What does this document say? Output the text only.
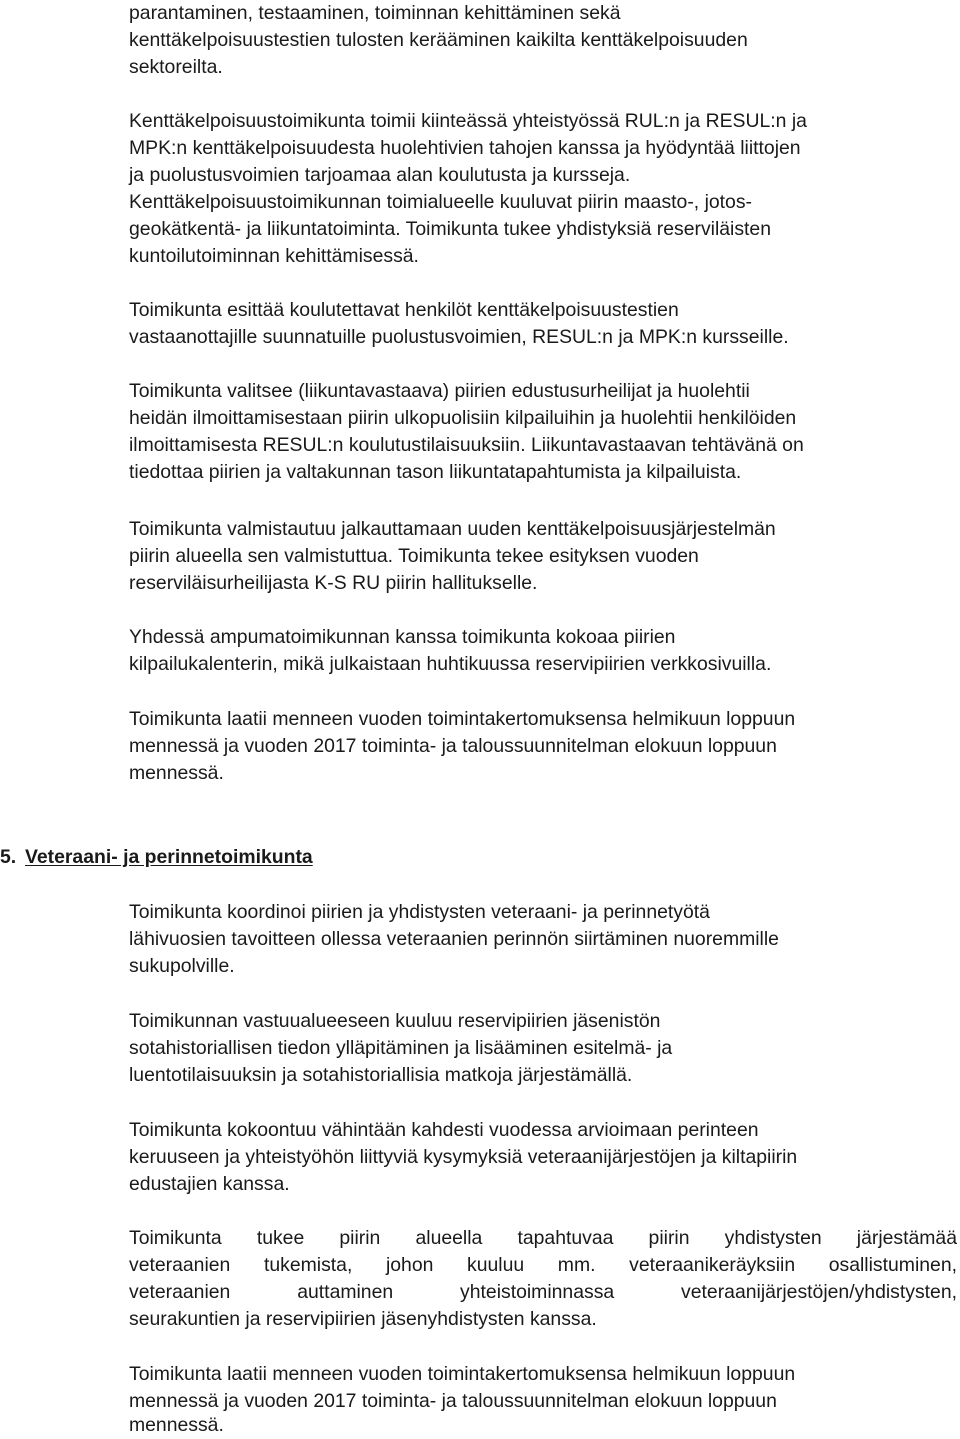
parantaminen, testaaminen, toiminnan kehittäminen sekä
kenttäkelpoisuustestien tulosten kerääminen kaikilta kenttäkelpoisuuden
sektoreilta.
Kenttäkelpoisuustoimikunta toimii kiinteässä yhteistyössä RUL:n ja RESUL:n ja
MPK:n kenttäkelpoisuudesta huolehtivien tahojen kanssa ja hyödyntää liittojen
ja puolustusvoimien tarjoamaa alan koulutusta ja kursseja.
Kenttäkelpoisuustoimikunnan toimialueelle kuuluvat piirin maasto-, jotos-
geokätkentä- ja liikuntatoiminta. Toimikunta tukee yhdistyksiä reserviläisten
kuntoilutoiminnan kehittämisessä.
Toimikunta esittää koulutettavat henkilöt kenttäkelpoisuustestien
vastaanottajille suunnatuille puolustusvoimien, RESUL:n ja MPK:n kursseille.
Toimikunta valitsee (liikuntavastaava) piirien edustusurheilijat ja huolehtii
heidän ilmoittamisestaan piirin ulkopuolisiin kilpailuihin ja huolehtii henkilöiden
ilmoittamisesta RESUL:n koulutustilaisuuksiin. Liikuntavastaavan tehtävänä on
tiedottaa piirien ja valtakunnan tason liikuntatapahtumista ja kilpailuista.
Toimikunta valmistautuu jalkauttamaan uuden kenttäkelpoisuusjärjestelmän
piirin alueella sen valmistuttua. Toimikunta tekee esityksen vuoden
reserviläisurheilijasta K-S RU piirin hallitukselle.
Yhdessä ampumatoimikunnan kanssa toimikunta kokoaa piirien
kilpailukalenterin, mikä julkaistaan huhtikuussa reservipiirien verkkosivuilla.
Toimikunta laatii menneen vuoden toimintakertomuksensa helmikuun loppuun
mennessä ja vuoden 2017 toiminta- ja taloussuunnitelman elokuun loppuun
mennessä.
5. Veteraani- ja perinnetoimikunta
Toimikunta koordinoi piirien ja yhdistysten veteraani- ja perinnetyötä
lähivuosien tavoitteen ollessa veteraanien perinnön siirtäminen nuoremmille
sukupolville.
Toimikunnan vastuualueeseen kuuluu reservipiirien jäsenistön
sotahistoriallisen tiedon ylläpitäminen ja lisääminen esitelmä- ja
luentotilaisuuksin ja sotahistoriallisia matkoja järjestämällä.
Toimikunta kokoontuu vähintään kahdesti vuodessa arvioimaan perinteen
keruuseen ja yhteistyöhön liittyviä kysymyksiä veteraanijärjestöjen ja kiltapiirin
edustajien kanssa.
Toimikunta tukee piirin alueella tapahtuvaa piirin yhdistysten järjestämää
veteraanien tukemista, johon kuuluu mm. veteraanikeräyksiin osallistuminen,
veteraanien auttaminen yhteistoiminnassa veteraanijärjestöjen/yhdistysten,
seurakuntien ja reservipiirien jäsenyhdistysten kanssa.
Toimikunta laatii menneen vuoden toimintakertomuksensa helmikuun loppuun
mennessä ja vuoden 2017 toiminta- ja taloussuunnitelman elokuun loppuun
mennessä.
